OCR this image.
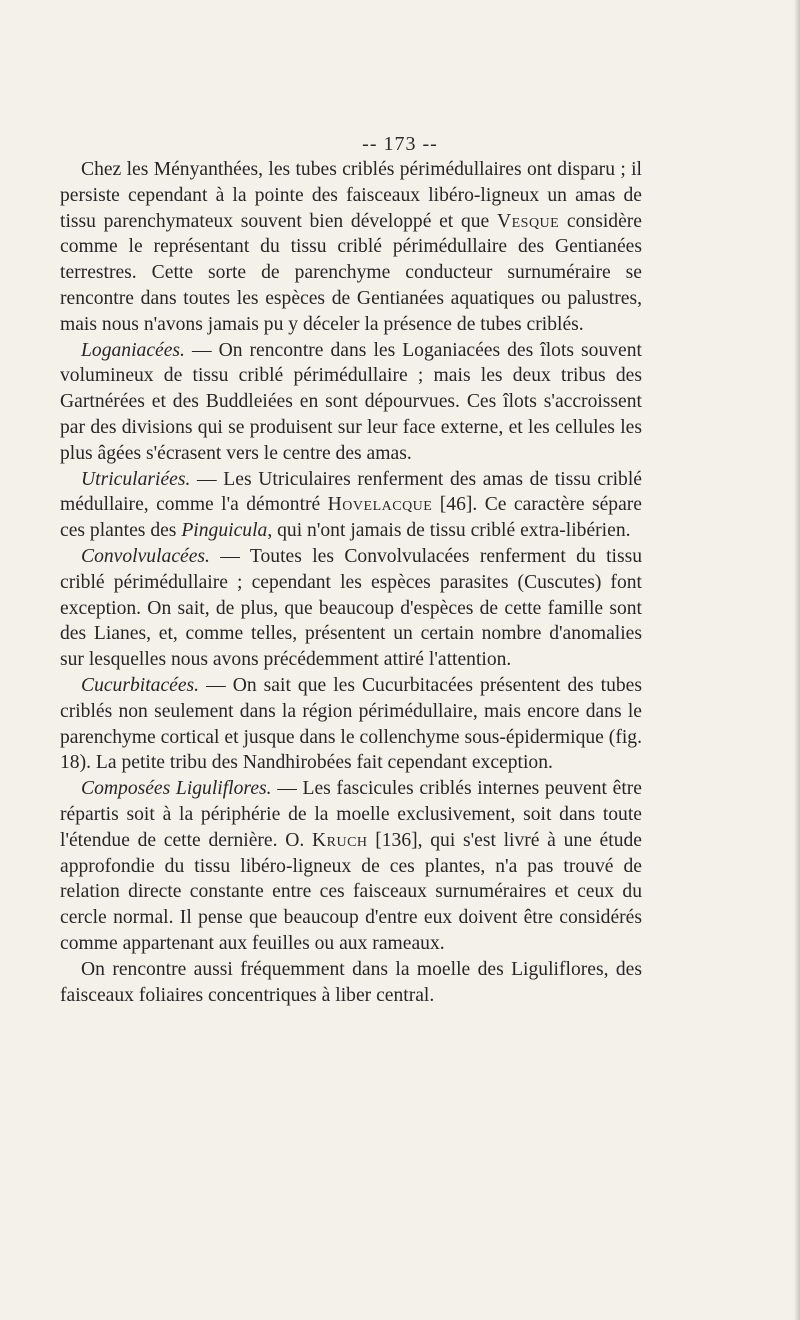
-- 173 --

Chez les Ményanthées, les tubes criblés périmédullaires ont disparu ; il persiste cependant à la pointe des faisceaux libéro-ligneux un amas de tissu parenchymateux souvent bien développé et que Vesque considère comme le représentant du tissu criblé périmédullaire des Gentianées terrestres. Cette sorte de parenchyme conducteur surnuméraire se rencontre dans toutes les espèces de Gentianées aquatiques ou palustres, mais nous n'avons jamais pu y déceler la présence de tubes criblés.

Loganiacées. — On rencontre dans les Loganiacées des îlots souvent volumineux de tissu criblé périmédullaire ; mais les deux tribus des Gartnérées et des Buddleiées en sont dépourvues. Ces îlots s'accroissent par des divisions qui se produisent sur leur face externe, et les cellules les plus âgées s'écrasent vers le centre des amas.

Utriculariées. — Les Utriculaires renferment des amas de tissu criblé médullaire, comme l'a démontré Hovelacque [46]. Ce caractère sépare ces plantes des Pinguicula, qui n'ont jamais de tissu criblé extra-libérien.

Convolvulacées. — Toutes les Convolvulacées renferment du tissu criblé périmédullaire ; cependant les espèces parasites (Cuscutes) font exception. On sait, de plus, que beaucoup d'espèces de cette famille sont des Lianes, et, comme telles, présentent un certain nombre d'anomalies sur lesquelles nous avons précédemment attiré l'attention.

Cucurbitacées. — On sait que les Cucurbitacées présentent des tubes criblés non seulement dans la région périmédullaire, mais encore dans le parenchyme cortical et jusque dans le collenchyme sous-épidermique (fig. 18). La petite tribu des Nandhirobées fait cependant exception.

Composées Liguliflores. — Les fascicules criblés internes peuvent être répartis soit à la périphérie de la moelle exclusivement, soit dans toute l'étendue de cette dernière. O. Kruch [136], qui s'est livré à une étude approfondie du tissu libéro-ligneux de ces plantes, n'a pas trouvé de relation directe constante entre ces faisceaux surnuméraires et ceux du cercle normal. Il pense que beaucoup d'entre eux doivent être considérés comme appartenant aux feuilles ou aux rameaux.

On rencontre aussi fréquemment dans la moelle des Liguliflores, des faisceaux foliaires concentriques à liber central.
